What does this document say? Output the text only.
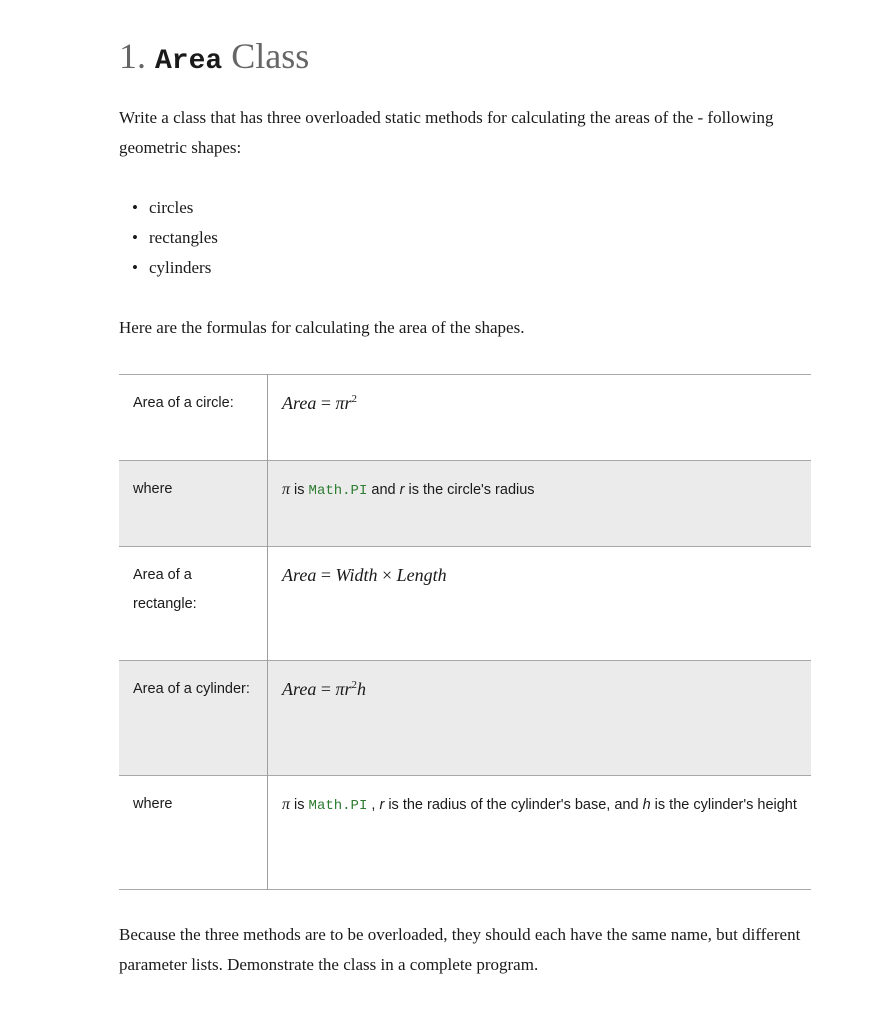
1. Area Class

Write a class that has three overloaded static methods for calculating the areas of the - following geometric shapes:

• circles
• rectangles
• cylinders

Here are the formulas for calculating the area of the shapes.

Area of a circle:	Area = $\pi r^2$
where	π is Math.PI and r is the circle's radius
Area of a rectangle:	Area = Width × Length
Area of a cylinder:	Area = $\pi r^2h$
where	π is Math.PI , r is the radius of the cylinder's base, and h is the cylinder's height

Because the three methods are to be overloaded, they should each have the same name, but different parameter lists. Demonstrate the class in a complete program.
